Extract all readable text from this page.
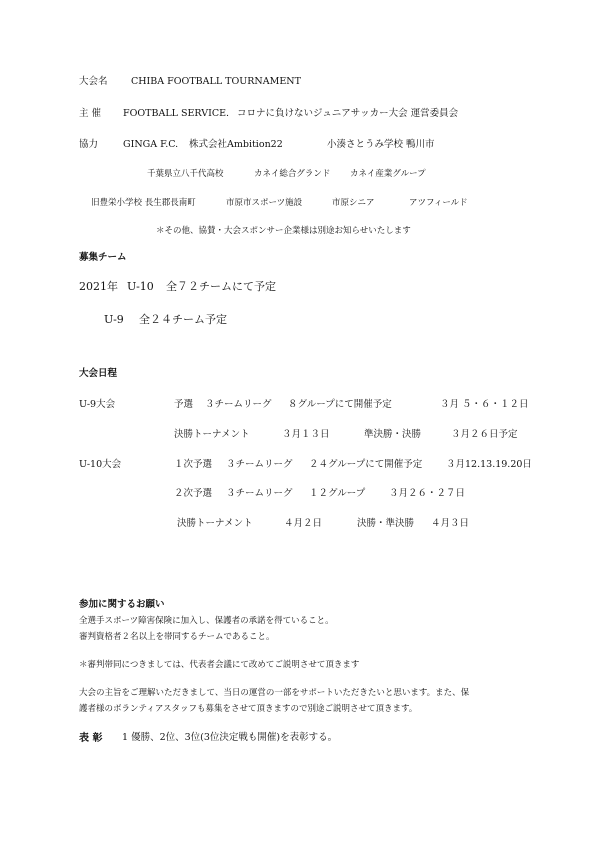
大会名 CHIBA FOOTBALL TOURNAMENT
主 催 FOOTBALL SERVICE. コロナに負けないジュニアサッカー大会 運営委員会
協力	GINGA F.C. 株式会社Ambition22	小湊さとうみ学校 鴨川市
千葉県立八千代高校	カネイ総合グランド カネイ産業グループ
旧豊栄小学校 長生郡長南町	市原市スポーツ施設	市原シニア	アツフィールド
＊その他、協賛・大会スポンサー企業様は別途お知らせいたします
募集チーム
2021年 U-10 全７２チームにて予定
U-9 全２４チーム予定
大会日程
U-9大会	予選 ３チームリーグ ８グループにて開催予定	３月 ５・６・１２日
決勝トーナメント	３月１３日	準決勝・決勝	３月２６日予定
U-10大会	１次予選 ３チームリーグ ２４グループにて開催予定	３月12.13.19.20日
２次予選 ３チームリーグ １２グループ	３月２６・２７日
決勝トーナメント	４月２日	決勝・準決勝 ４月３日
参加に関するお願い
全選手スポーツ障害保険に加入し、保護者の承諾を得ていること。
審判資格者２名以上を帯同するチームであること。
＊審判帯同につきましては、代表者会議にて改めてご説明させて頂きます
大会の主旨をご理解いただきまして、当日の運営の一部をサポートいただきたいと思います。また、保
護者様のボランティアスタッフも募集をさせて頂きますので別途ご説明させて頂きます。
表 彰 1 優勝、2位、3位(3位決定戦も開催)を表彰する。
